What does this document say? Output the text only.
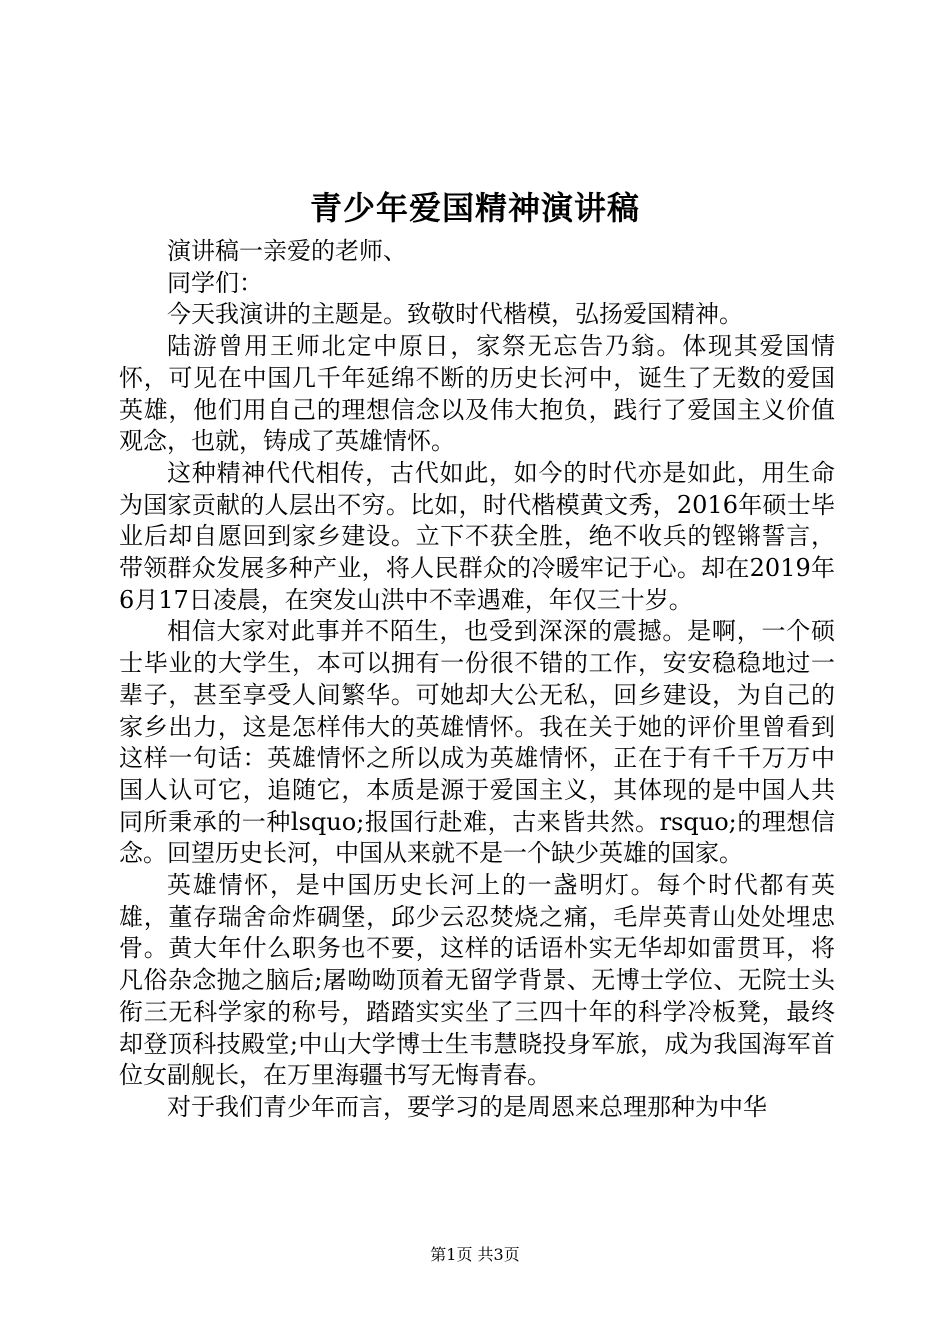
青少年爱国精神演讲稿

演讲稿一亲爱的老师、

同学们：

今天我演讲的主题是。致敬时代楷模，弘扬爱国精神。

陆游曾用王师北定中原日，家祭无忘告乃翁。体现其爱国情怀，可见在中国几千年延绵不断的历史长河中，诞生了无数的爱国英雄，他们用自己的理想信念以及伟大抱负，践行了爱国主义价值观念，也就，铸成了英雄情怀。

这种精神代代相传，古代如此，如今的时代亦是如此，用生命为国家贡献的人层出不穷。比如，时代楷模黄文秀，2016年硕士毕业后却自愿回到家乡建设。立下不获全胜，绝不收兵的铿锵誓言，带领群众发展多种产业，将人民群众的冷暖牢记于心。却在2019年6月17日凌晨，在突发山洪中不幸遇难，年仅三十岁。

相信大家对此事并不陌生，也受到深深的震撼。是啊，一个硕士毕业的大学生，本可以拥有一份很不错的工作，安安稳稳地过一辈子，甚至享受人间繁华。可她却大公无私，回乡建设，为自己的家乡出力，这是怎样伟大的英雄情怀。我在关于她的评价里曾看到这样一句话：英雄情怀之所以成为英雄情怀，正在于有千千万万中国人认可它，追随它，本质是源于爱国主义，其体现的是中国人共同所秉承的一种lsquo;报国行赴难，古来皆共然。rsquo;的理想信念。回望历史长河，中国从来就不是一个缺少英雄的国家。

英雄情怀，是中国历史长河上的一盏明灯。每个时代都有英雄，董存瑞舍命炸碉堡，邱少云忍焚烧之痛，毛岸英青山处处埋忠骨。黄大年什么职务也不要，这样的话语朴实无华却如雷贯耳，将凡俗杂念抛之脑后;屠呦呦顶着无留学背景、无博士学位、无院士头衔三无科学家的称号，踏踏实实坐了三四十年的科学冷板凳，最终却登顶科技殿堂;中山大学博士生韦慧晓投身军旅，成为我国海军首位女副舰长，在万里海疆书写无悔青春。

对于我们青少年而言，要学习的是周恩来总理那种为中华

第1页 共3页
